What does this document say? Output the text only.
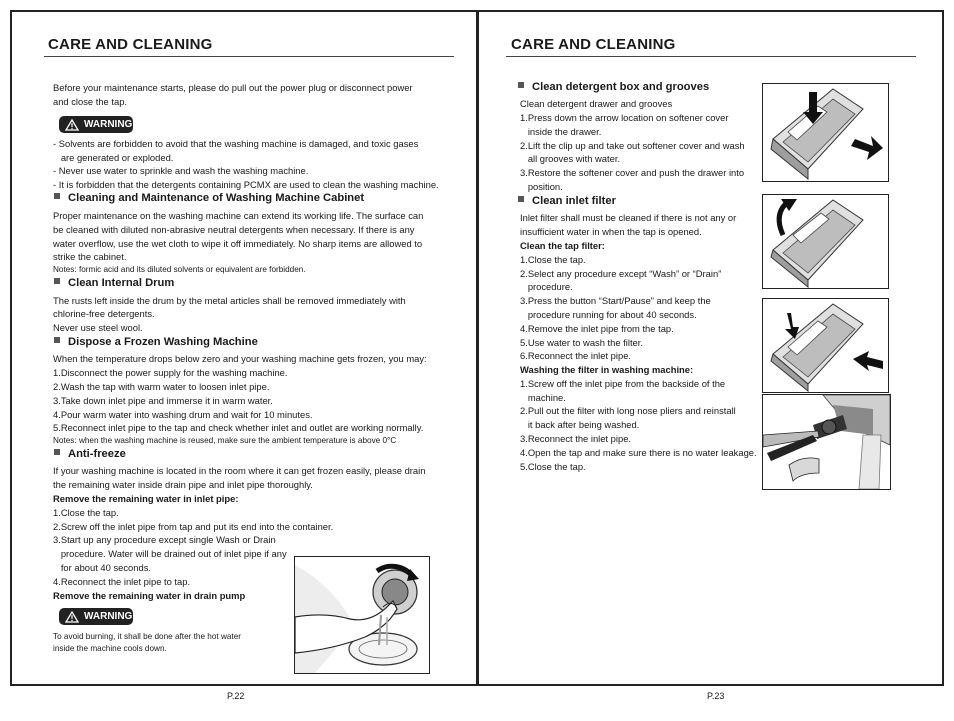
CARE AND CLEANING
Before your maintenance starts, please do pull out the power plug or disconnect power
and close the tap.
WARNING
- Solvents are forbidden to avoid that the washing machine is damaged, and toxic gases
are generated or exploded.
- Never use water to sprinkle and wash the washing machine.
- It is forbidden that the detergents containing PCMX are used to clean the washing machine.
Cleaning and Maintenance of Washing Machine Cabinet
Proper maintenance on the washing machine can extend its working life. The surface can
be cleaned with diluted non-abrasive neutral detergents when necessary. If there is any
water overflow, use the wet cloth to wipe it off immediately. No sharp items are allowed to
strike the cabinet.
Notes: formic acid and its diluted solvents or equivalent are forbidden.
Clean Internal Drum
The rusts left inside the drum by the metal articles shall be removed immediately with
chlorine-free detergents.
Never use steel wool.
Dispose a Frozen Washing Machine
When the temperature drops below zero and your washing machine gets frozen, you may:
1.Disconnect the power supply for the washing machine.
2.Wash the tap with warm water to loosen inlet pipe.
3.Take down inlet pipe and immerse it in warm water.
4.Pour warm water into washing drum and wait for 10 minutes.
5.Reconnect inlet pipe to the tap and check whether inlet and outlet are working normally.
Notes: when the washing machine is reused, make sure the ambient temperature is above 0°C
Anti-freeze
If your washing machine is located in the room where it can get frozen easily, please drain
the remaining water inside drain pipe and inlet pipe thoroughly.
Remove the remaining water in inlet pipe:
1.Close the tap.
2.Screw off the inlet pipe from tap and put its end into the container.
3.Start up any procedure except single Wash or Drain
procedure. Water will be drained out of inlet pipe if any
for about 40 seconds.
4.Reconnect the inlet pipe to tap.
Remove the remaining water in drain pump
WARNING
To avoid burning, it shall be done after the hot water
inside the machine cools down.
P.22
CARE AND CLEANING
Clean detergent box and grooves
Clean detergent drawer and grooves
1.Press down the arrow location on softener cover
inside the drawer.
2.Lift the clip up and take out softener cover and wash
all grooves with water.
3.Restore the softener cover and push the drawer into
position.
Clean inlet filter
Inlet filter shall must be cleaned if there is not any or
insufficient water in when the tap is opened.
Clean the tap filter:
1.Close the tap.
2.Select any procedure except “Wash” or “Drain”
procedure.
3.Press the button “Start/Pause” and keep the
procedure running for about 40 seconds.
4.Remove the inlet pipe from the tap.
5.Use water to wash the filter.
6.Reconnect the inlet pipe.
Washing the filter in washing machine:
1.Screw off the inlet pipe from the backside of the
machine.
2.Pull out the filter with long nose pliers and reinstall
it back after being washed.
3.Reconnect the inlet pipe.
4.Open the tap and make sure there is no water leakage.
5.Close the tap.
P.23
